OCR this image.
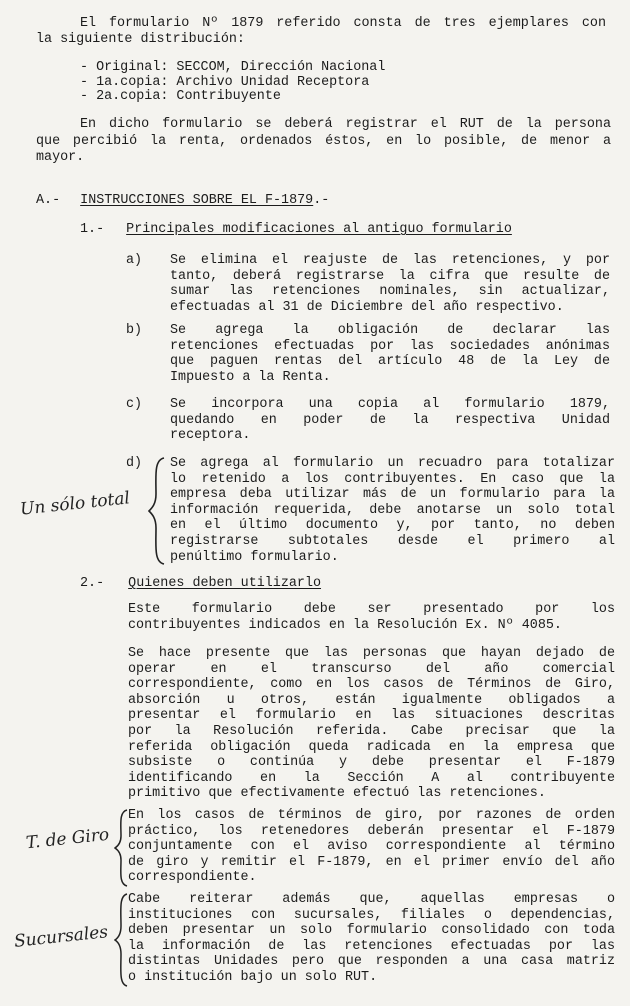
El formulario Nº 1879 referido consta de tres ejemplares con

la siguiente distribución:

- Original: SECCOM, Dirección Nacional

- 1a.copia: Archivo Unidad Receptora

- 2a.copia: Contribuyente

En dicho formulario se deberá registrar el RUT de la persona

que percibió la renta, ordenados éstos, en lo posible, de menor a

mayor.

A.- INSTRUCCIONES SOBRE EL F-1879.-
1.- Principales modificaciones al antiguo formulario
a) Se elimina el reajuste de las retenciones, y por

tanto, deberá registrarse la cifra que resulte de

sumar las retenciones nominales, sin actualizar,

efectuadas al 31 de Diciembre del año respectivo.

b) Se agrega la obligación de declarar las

retenciones efectuadas por las sociedades anónimas

que paguen rentas del artículo 48 de la Ley de

Impuesto a la Renta.

c) Se incorpora una copia al formulario 1879,

quedando en poder de la respectiva Unidad

receptora.

d) Se agrega al formulario un recuadro para totalizar

lo retenido a los contribuyentes. En caso que la

empresa deba utilizar más de un formulario para la

información requerida, debe anotarse un solo total

en el último documento y, por tanto, no deben

registrarse subtotales desde el primero al

penúltimo formulario.

Un sólo total
2.- Quienes deben utilizarlo

Este formulario debe ser presentado por los

contribuyentes indicados en la Resolución Ex. Nº 4085.

Se hace presente que las personas que hayan dejado de

operar en el transcurso del año comercial

correspondiente, como en los casos de Términos de Giro,

absorción u otros, están igualmente obligados a

presentar el formulario en las situaciones descritas

por la Resolución referida. Cabe precisar que la

referida obligación queda radicada en la empresa que

subsiste o continúa y debe presentar el F-1879

identificando en la Sección A al contribuyente

primitivo que efectivamente efectuó las retenciones.

En los casos de términos de giro, por razones de orden

práctico, los retenedores deberán presentar el F-1879

conjuntamente con el aviso correspondiente al término

de giro y remitir el F-1879, en el primer envío del año

correspondiente.

T. de Giro

Cabe reiterar además que, aquellas empresas o

instituciones con sucursales, filiales o dependencias,

deben presentar un solo formulario consolidado con toda

la información de las retenciones efectuadas por las

distintas Unidades pero que responden a una casa matriz

o institución bajo un solo RUT.

Sucursales
